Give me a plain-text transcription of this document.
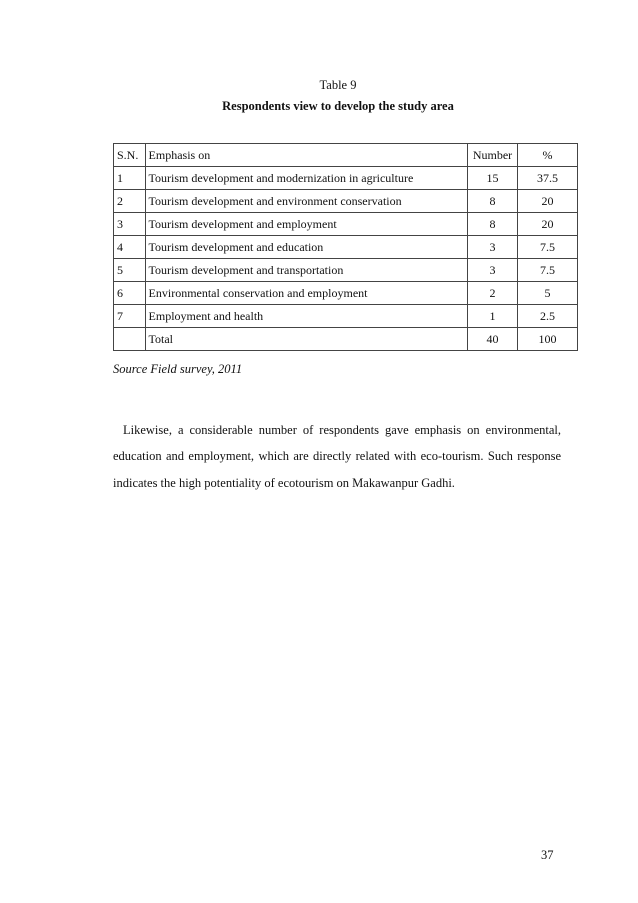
Table 9
Respondents view to develop the study area
S.N.	Emphasis on	Number	%
1	Tourism development and modernization in agriculture	15	37.5
2	Tourism development and environment conservation	8	20
3	Tourism development and employment	8	20
4	Tourism development and education	3	7.5
5	Tourism development and transportation	3	7.5
6	Environmental conservation and employment	2	5
7	Employment and health	1	2.5
	Total	40	100
Source Field survey, 2011

Likewise, a considerable number of respondents gave emphasis on environmental, education and employment, which are directly related with eco-tourism. Such response indicates the high potentiality of ecotourism on Makawanpur Gadhi.

37
